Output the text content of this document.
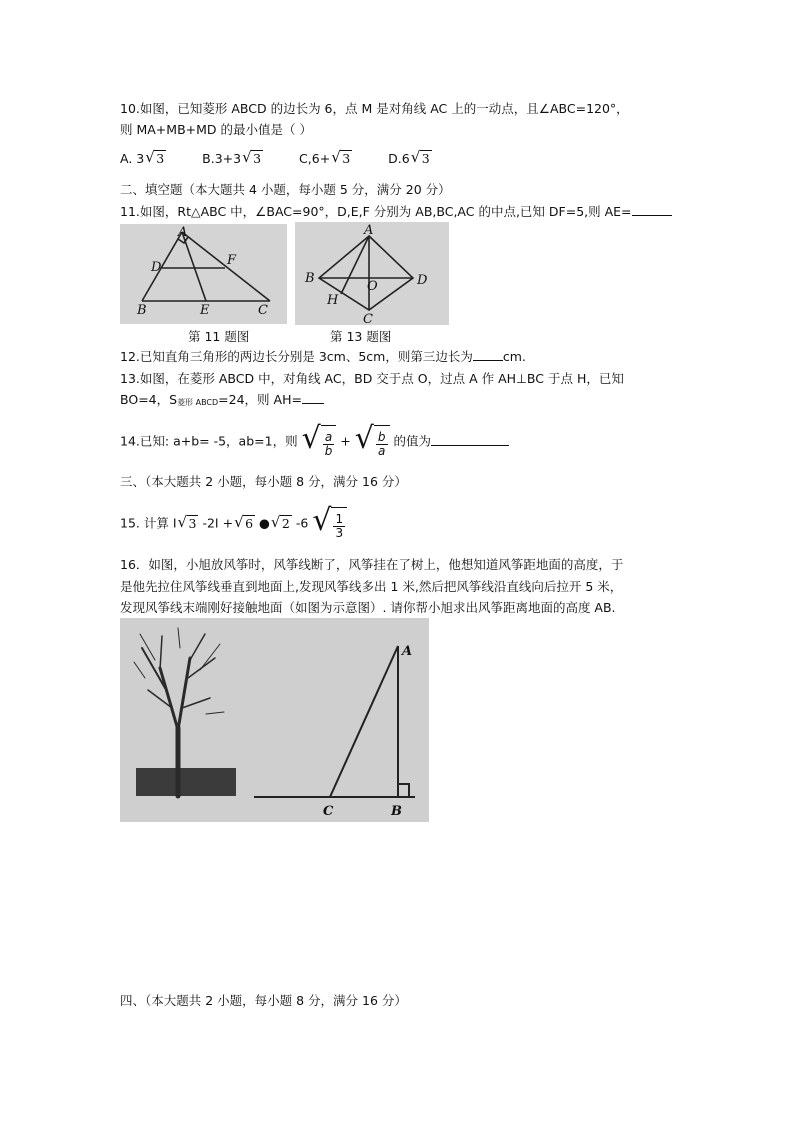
10.如图，已知菱形 ABCD 的边长为 6，点 M 是对角线 AC 上的一动点，且∠ABC=120°，
则 MA+MB+MD 的最小值是（ ）
A. 3 √ 3	B.3+3 √ 3	C,6+ √ 3	D.6 √ 3
二、填空题（本大题共 4 小题，每小题 5 分，满分 20 分）
11.如图，Rt△ABC 中，∠BAC=90°，D,E,F 分别为 AB,BC,AC 的中点,已知 DF=5,则 AE=
A
D	F
B	E	C
第 11 题图
A
B
O	D
H
C
第 13 题图
12.已知直角三角形的两边长分别是 3cm、5cm，则第三边长为 cm.
13.如图，在菱形 ABCD 中，对角线 AC，BD 交于点 O，过点 A 作 AH⊥BC 于点 H，已知
BO=4，S菱形 ABCD=24，则 AH=
14.已知: a+b= -5，ab=1，则 √ $\frac{a}{b}$ + √ $\frac{b}{a}$ 的值为
三、（本大题共 2 小题，每小题 8 分，满分 16 分）
15. 计算 I √ 3 -2I + √ 6 ● √ 2 -6 √ $\frac{1}{3}$
16．如图，小旭放风筝时，风筝线断了，风筝挂在了树上，他想知道风筝距地面的高度，于
是他先拉住风筝线垂直到地面上,发现风筝线多出 1 米,然后把风筝线沿直线向后拉开 5 米，
发现风筝线末端刚好接触地面（如图为示意图）. 请你帮小旭求出风筝距离地面的高度 AB.
A
C	B
四、（本大题共 2 小题，每小题 8 分，满分 16 分）
